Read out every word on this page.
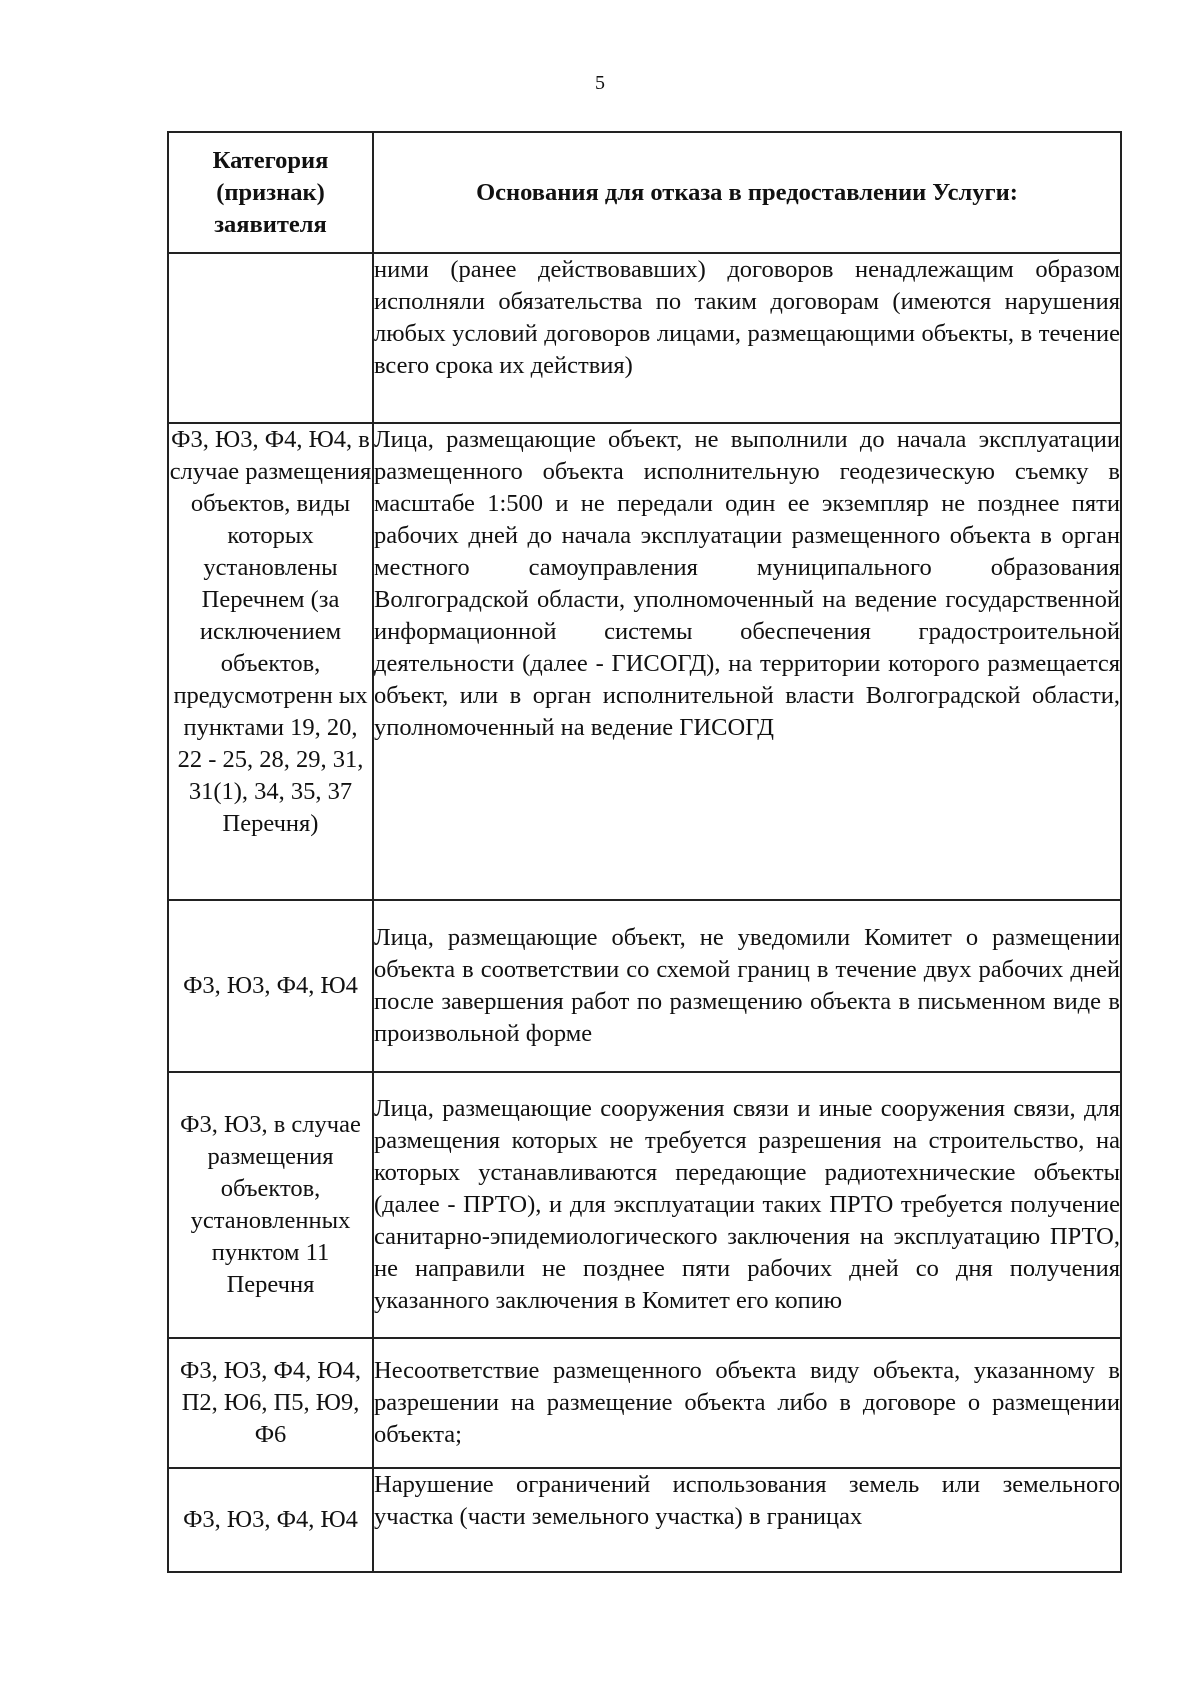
5
Категория (признак) заявителя	Основания для отказа в предоставлении Услуги:

	ними (ранее действовавших) договоров ненадлежащим образом исполняли обязательства по таким договорам (имеются нарушения любых условий договоров лицами, размещающими объекты, в течение всего срока их действия)

Ф3, Ю3, Ф4, Ю4, в случае размещения объектов, виды которых установлены Перечнем (за исключением объектов, предусмотренн ых пунктами 19, 20, 22 - 25, 28, 29, 31, 31(1), 34, 35, 37 Перечня)	Лица, размещающие объект, не выполнили до начала эксплуатации размещенного объекта исполнительную геодезическую съемку в масштабе 1:500 и не передали один ее экземпляр не позднее пяти рабочих дней до начала эксплуатации размещенного объекта в орган местного самоуправления муниципального образования Волгоградской области, уполномоченный на ведение государственной информационной системы обеспечения градостроительной деятельности (далее - ГИСОГД), на территории которого размещается объект, или в орган исполнительной власти Волгоградской области, уполномоченный на ведение ГИСОГД

Ф3, Ю3, Ф4, Ю4	Лица, размещающие объект, не уведомили Комитет о размещении объекта в соответствии со схемой границ в течение двух рабочих дней после завершения работ по размещению объекта в письменном виде в произвольной форме

Ф3, Ю3, в случае размещения объектов, установленных пунктом 11 Перечня	Лица, размещающие сооружения связи и иные сооружения связи, для размещения которых не требуется разрешения на строительство, на которых устанавливаются передающие радиотехнические объекты (далее - ПРТО), и для эксплуатации таких ПРТО требуется получение санитарно-эпидемиологического заключения на эксплуатацию ПРТО, не направили не позднее пяти рабочих дней со дня получения указанного заключения в Комитет его копию

Ф3, Ю3, Ф4, Ю4, П2, Ю6, П5, Ю9, Ф6	Несоответствие размещенного объекта виду объекта, указанному в разрешении на размещение объекта либо в договоре о размещении объекта;

Ф3, Ю3, Ф4, Ю4	Нарушение ограничений использования земель или земельного участка (части земельного участка) в границах
